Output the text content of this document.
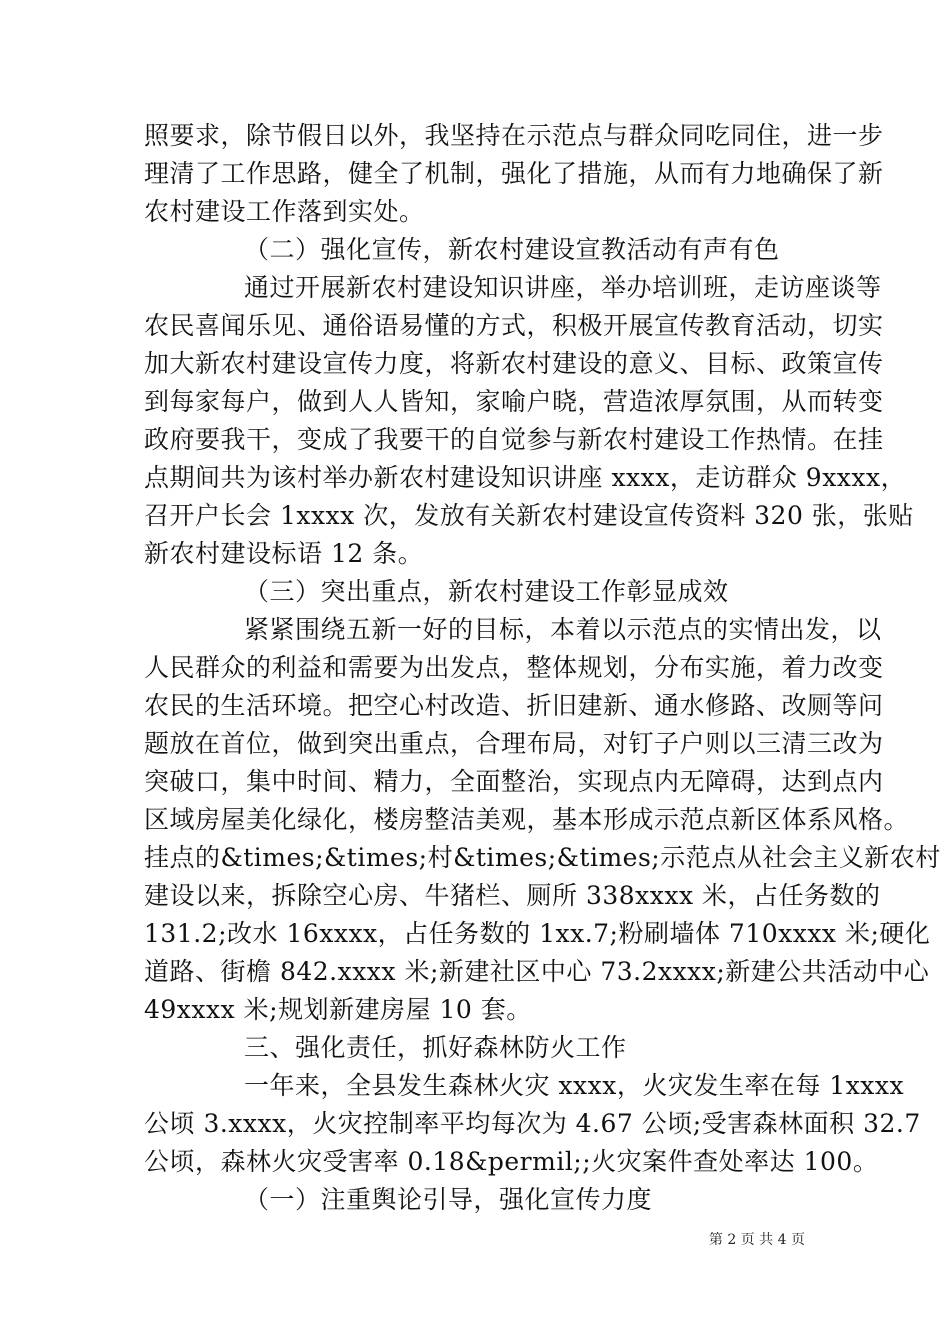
照要求，除节假日以外，我坚持在示范点与群众同吃同住，进一步
理清了工作思路，健全了机制，强化了措施，从而有力地确保了新
农村建设工作落到实处。
（二）强化宣传，新农村建设宣教活动有声有色
通过开展新农村建设知识讲座，举办培训班，走访座谈等
农民喜闻乐见、通俗语易懂的方式，积极开展宣传教育活动，切实
加大新农村建设宣传力度，将新农村建设的意义、目标、政策宣传
到每家每户，做到人人皆知，家喻户晓，营造浓厚氛围，从而转变
政府要我干，变成了我要干的自觉参与新农村建设工作热情。在挂
点期间共为该村举办新农村建设知识讲座 xxxx，走访群众 9xxxx，
召开户长会 1xxxx 次，发放有关新农村建设宣传资料 320 张，张贴
新农村建设标语 12 条。
（三）突出重点，新农村建设工作彰显成效
紧紧围绕五新一好的目标，本着以示范点的实情出发，以
人民群众的利益和需要为出发点，整体规划，分布实施，着力改变
农民的生活环境。把空心村改造、折旧建新、通水修路、改厕等问
题放在首位，做到突出重点，合理布局，对钉子户则以三清三改为
突破口，集中时间、精力，全面整治，实现点内无障碍，达到点内
区域房屋美化绿化，楼房整洁美观，基本形成示范点新区体系风格。
挂点的&times;&times;村&times;&times;示范点从社会主义新农村
建设以来，拆除空心房、牛猪栏、厕所 338xxxx 米，占任务数的
131.2;改水 16xxxx，占任务数的 1xx.7;粉刷墙体 710xxxx 米;硬化
道路、街檐 842.xxxx 米;新建社区中心 73.2xxxx;新建公共活动中心
49xxxx 米;规划新建房屋 10 套。
三、强化责任，抓好森林防火工作
一年来，全县发生森林火灾 xxxx，火灾发生率在每 1xxxx
公顷 3.xxxx，火灾控制率平均每次为 4.67 公顷;受害森林面积 32.7
公顷，森林火灾受害率 0.18&permil;;火灾案件查处率达 100。
（一）注重舆论引导，强化宣传力度
第 2 页 共 4 页
